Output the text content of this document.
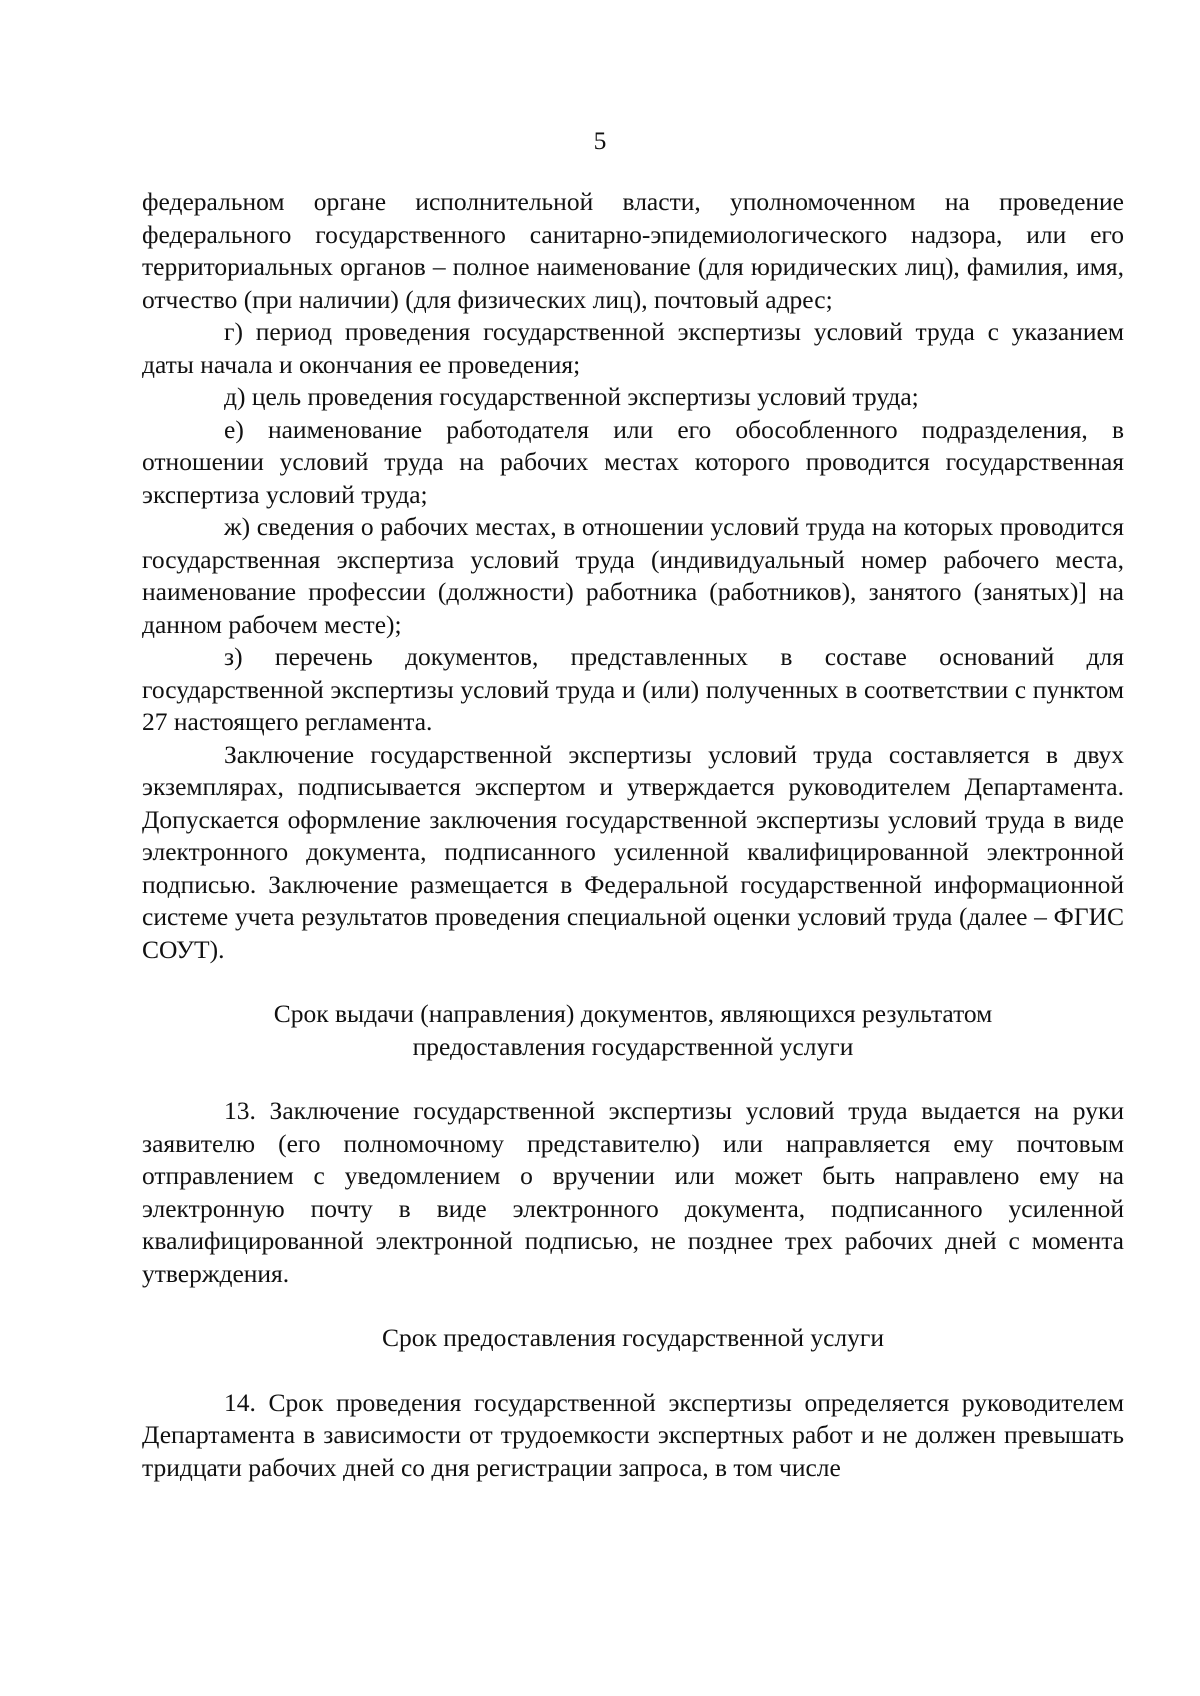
5

федеральном органе исполнительной власти, уполномоченном на проведение федерального государственного санитарно-эпидемиологического надзора, или его территориальных органов – полное наименование (для юридических лиц), фамилия, имя, отчество (при наличии) (для физических лиц), почтовый адрес;

г) период проведения государственной экспертизы условий труда с указанием даты начала и окончания ее проведения;

д) цель проведения государственной экспертизы условий труда;

е) наименование работодателя или его обособленного подразделения, в отношении условий труда на рабочих местах которого проводится государственная экспертиза условий труда;

ж) сведения о рабочих местах, в отношении условий труда на которых проводится государственная экспертиза условий труда (индивидуальный номер рабочего места, наименование профессии (должности) работника (работников), занятого (занятых)] на данном рабочем месте);

з) перечень документов, представленных в составе оснований для государственной экспертизы условий труда и (или) полученных в соответствии с пунктом 27 настоящего регламента.

Заключение государственной экспертизы условий труда составляется в двух экземплярах, подписывается экспертом и утверждается руководителем Департамента. Допускается оформление заключения государственной экспертизы условий труда в виде электронного документа, подписанного усиленной квалифицированной электронной подписью. Заключение размещается в Федеральной государственной информационной системе учета результатов проведения специальной оценки условий труда (далее – ФГИС СОУТ).

Срок выдачи (направления) документов, являющихся результатом предоставления государственной услуги

13. Заключение государственной экспертизы условий труда выдается на руки заявителю (его полномочному представителю) или направляется ему почтовым отправлением с уведомлением о вручении или может быть направлено ему на электронную почту в виде электронного документа, подписанного усиленной квалифицированной электронной подписью, не позднее трех рабочих дней с момента утверждения.

Срок предоставления государственной услуги

14. Срок проведения государственной экспертизы определяется руководителем Департамента в зависимости от трудоемкости экспертных работ и не должен превышать тридцати рабочих дней со дня регистрации запроса, в том числе
